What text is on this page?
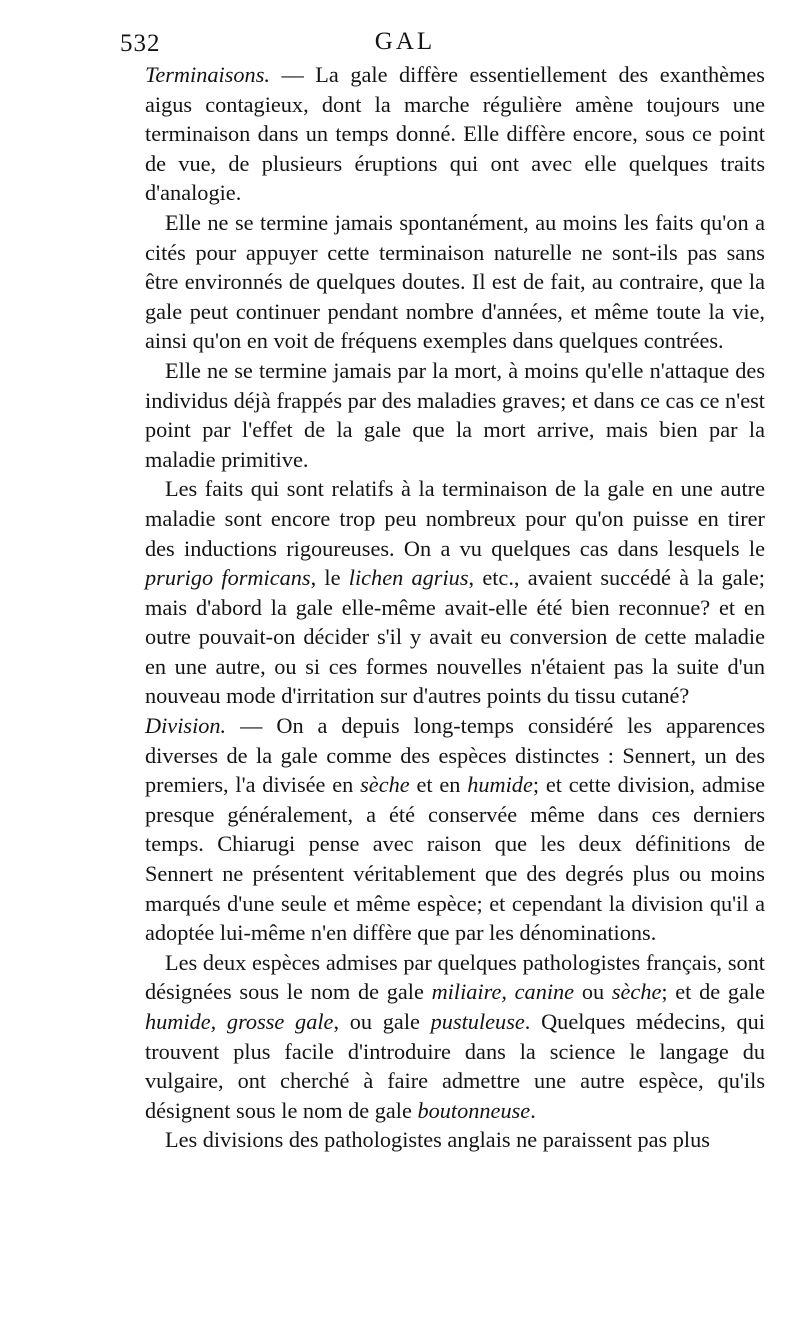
532	GAL

Terminaisons. — La gale diffère essentiellement des exanthèmes aigus contagieux, dont la marche régulière amène toujours une terminaison dans un temps donné. Elle diffère encore, sous ce point de vue, de plusieurs éruptions qui ont avec elle quelques traits d'analogie.

Elle ne se termine jamais spontanément, au moins les faits qu'on a cités pour appuyer cette terminaison naturelle ne sont-ils pas sans être environnés de quelques doutes. Il est de fait, au contraire, que la gale peut continuer pendant nombre d'années, et même toute la vie, ainsi qu'on en voit de fréquens exemples dans quelques contrées.

Elle ne se termine jamais par la mort, à moins qu'elle n'attaque des individus déjà frappés par des maladies graves; et dans ce cas ce n'est point par l'effet de la gale que la mort arrive, mais bien par la maladie primitive.

Les faits qui sont relatifs à la terminaison de la gale en une autre maladie sont encore trop peu nombreux pour qu'on puisse en tirer des inductions rigoureuses. On a vu quelques cas dans lesquels le prurigo formicans, le lichen agrius, etc., avaient succédé à la gale; mais d'abord la gale elle-même avait-elle été bien reconnue? et en outre pouvait-on décider s'il y avait eu conversion de cette maladie en une autre, ou si ces formes nouvelles n'étaient pas la suite d'un nouveau mode d'irritation sur d'autres points du tissu cutané?

Division. — On a depuis long-temps considéré les apparences diverses de la gale comme des espèces distinctes : Sennert, un des premiers, l'a divisée en sèche et en humide; et cette division, admise presque généralement, a été conservée même dans ces derniers temps. Chiarugi pense avec raison que les deux définitions de Sennert ne présentent véritablement que des degrés plus ou moins marqués d'une seule et même espèce; et cependant la division qu'il a adoptée lui-même n'en diffère que par les dénominations.

Les deux espèces admises par quelques pathologistes français, sont désignées sous le nom de gale miliaire, canine ou sèche; et de gale humide, grosse gale, ou gale pustuleuse. Quelques médecins, qui trouvent plus facile d'introduire dans la science le langage du vulgaire, ont cherché à faire admettre une autre espèce, qu'ils désignent sous le nom de gale boutonneuse.

Les divisions des pathologistes anglais ne paraissent pas plus
